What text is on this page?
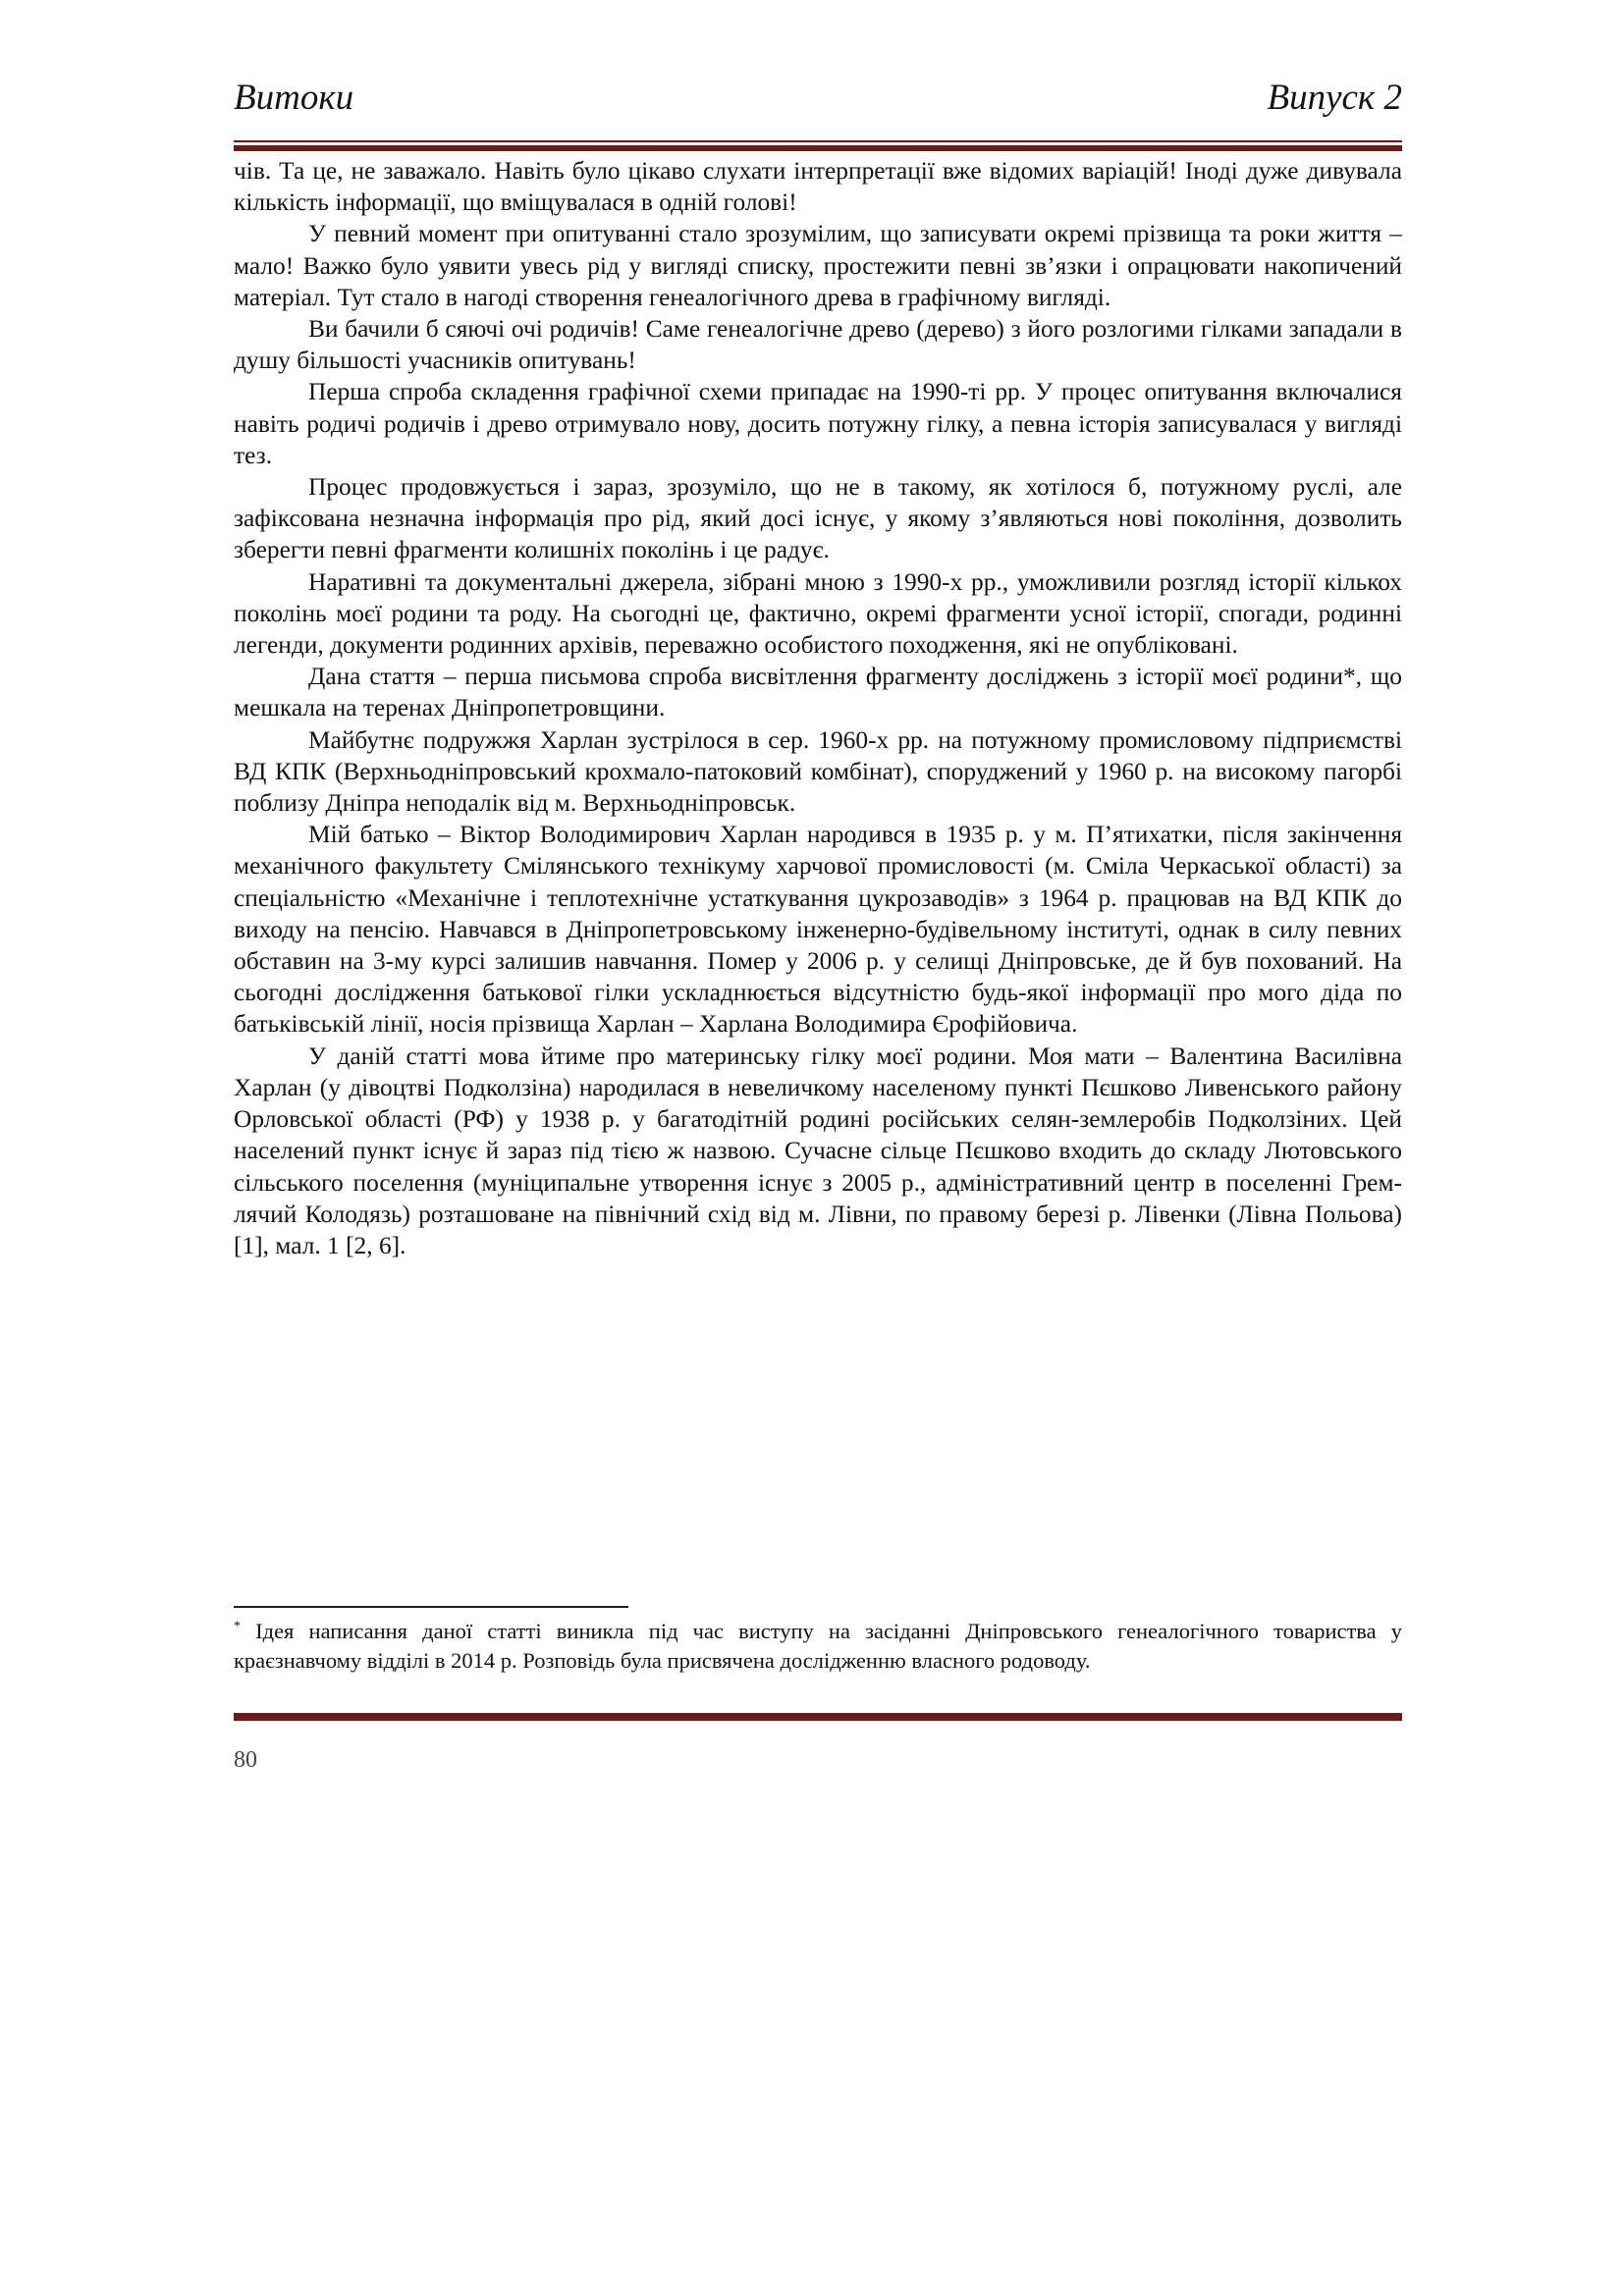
Витоки	Випуск 2

чів. Та це, не заважало. Навіть було цікаво слухати інтерпретації вже відомих варіацій! Іноді дуже дивувала кількість інформації, що вміщувалася в одній голові!

У певний момент при опитуванні стало зрозумілим, що записувати окремі прізвища та роки життя – мало! Важко було уявити увесь рід у вигляді списку, простежити певні зв’язки і опрацювати накопичений матеріал. Тут стало в нагоді створення генеалогічного древа в графічному вигляді.

Ви бачили б сяючі очі родичів! Саме генеалогічне древо (дерево) з його розлогими гілками западали в душу більшості учасників опитувань!

Перша спроба складення графічної схеми припадає на 1990-ті рр. У процес опитування включалися навіть родичі родичів і древо отримувало нову, досить потужну гілку, а певна історія записувалася у вигляді тез.

Процес продовжується і зараз, зрозуміло, що не в такому, як хотілося б, потужному руслі, але зафіксована незначна інформація про рід, який досі існує, у якому з’являються нові покоління, дозволить зберегти певні фрагменти колишніх поколінь і це радує.

Наративні та документальні джерела, зібрані мною з 1990-х рр., уможливили розгляд історії кількох поколінь моєї родини та роду. На сьогодні це, фактично, окремі фрагменти усної історії, спогади, родинні легенди, документи родинних архівів, переважно особистого походження, які не опубліковані.

Дана стаття – перша письмова спроба висвітлення фрагменту досліджень з історії моєї родини*, що мешкала на теренах Дніпропетровщини.

Майбутнє подружжя Харлан зустрілося в сер. 1960-х рр. на потужному промисловому підприємстві ВД КПК (Верхньодніпровський крохмало-патоковий комбінат), споруджений у 1960 р. на високому пагорбі поблизу Дніпра неподалік від м. Верхньодніпровськ.

Мій батько – Віктор Володимирович Харлан народився в 1935 р. у м. П’ятихатки, після закінчення механічного факультету Смілянського технікуму харчової промисловості (м. Сміла Черкаської області) за спеціальністю «Механічне і теплотехнічне устаткування цукрозаводів» з 1964 р. працював на ВД КПК до виходу на пенсію. Навчався в Дніпропетровському інженерно-будівельному інституті, однак в силу певних обставин на 3-му курсі залишив навчання. Помер у 2006 р. у селищі Дніпровське, де й був похований. На сьогодні дослідження батькової гілки ускладнюється відсутністю будь-якої інформації про мого діда по батьківській лінії, носія прізвища Харлан – Харлана Володимира Єрофійовича.

У даній статті мова йтиме про материнську гілку моєї родини. Моя мати – Валентина Василівна Харлан (у дівоцтві Подколзіна) народилася в невеличкому населеному пункті Пєшково Ливенського району Орловської області (РФ) у 1938 р. у багатодітній родині російських селян-землеробів Подколзіних. Цей населений пункт існує й зараз під тією ж назвою. Сучасне сільце Пєшково входить до складу Лютовського сільського поселення (муніципальне утворення існує з 2005 р., адміністративний центр в поселенні Гремлячий Колодязь) розташоване на північний схід від м. Лівни, по правому березі р. Лівенки (Лівна Польова) [1], мал. 1 [2, 6].

* Ідея написання даної статті виникла під час виступу на засіданні Дніпровського генеалогічного товариства у краєзнавчому відділі в 2014 р. Розповідь була присвячена дослідженню власного родоводу.
80
